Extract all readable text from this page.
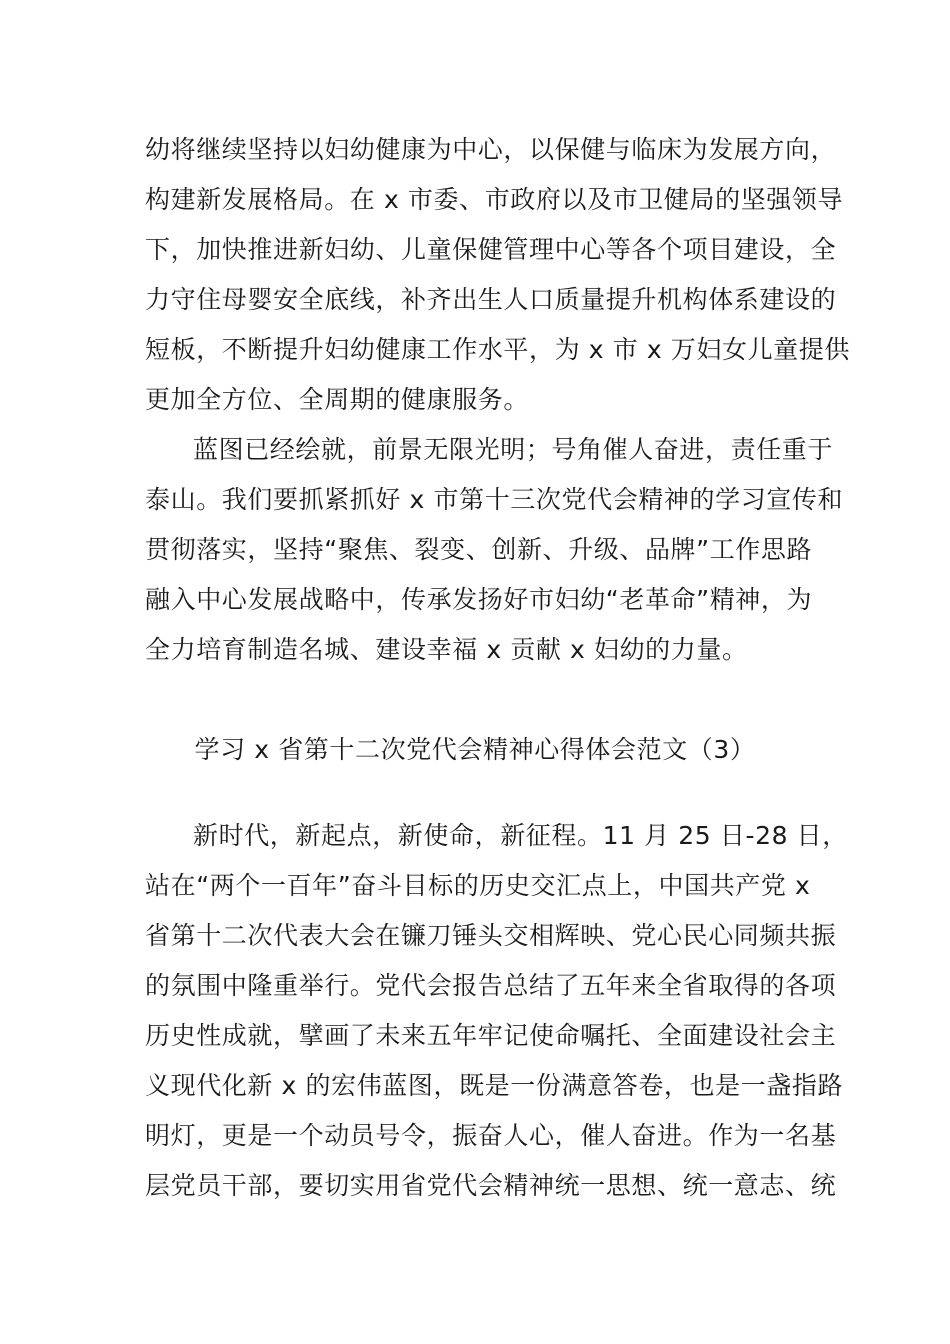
幼将继续坚持以妇幼健康为中心，以保健与临床为发展方向，
构建新发展格局。在 x 市委、市政府以及市卫健局的坚强领导
下，加快推进新妇幼、儿童保健管理中心等各个项目建设，全
力守住母婴安全底线，补齐出生人口质量提升机构体系建设的
短板，不断提升妇幼健康工作水平，为 x 市 x 万妇女儿童提供
更加全方位、全周期的健康服务。
蓝图已经绘就，前景无限光明；号角催人奋进，责任重于
泰山。我们要抓紧抓好 x 市第十三次党代会精神的学习宣传和
贯彻落实，坚持“聚焦、裂变、创新、升级、品牌”工作思路
融入中心发展战略中，传承发扬好市妇幼“老革命”精神，为
全力培育制造名城、建设幸福 x 贡献 x 妇幼的力量。
学习 x 省第十二次党代会精神心得体会范文（3）
新时代，新起点，新使命，新征程。11 月 25 日-28 日，
站在“两个一百年”奋斗目标的历史交汇点上，中国共产党 x
省第十二次代表大会在镰刀锤头交相辉映、党心民心同频共振
的氛围中隆重举行。党代会报告总结了五年来全省取得的各项
历史性成就，擘画了未来五年牢记使命嘱托、全面建设社会主
义现代化新 x 的宏伟蓝图，既是一份满意答卷，也是一盏指路
明灯，更是一个动员号令，振奋人心，催人奋进。作为一名基
层党员干部，要切实用省党代会精神统一思想、统一意志、统
